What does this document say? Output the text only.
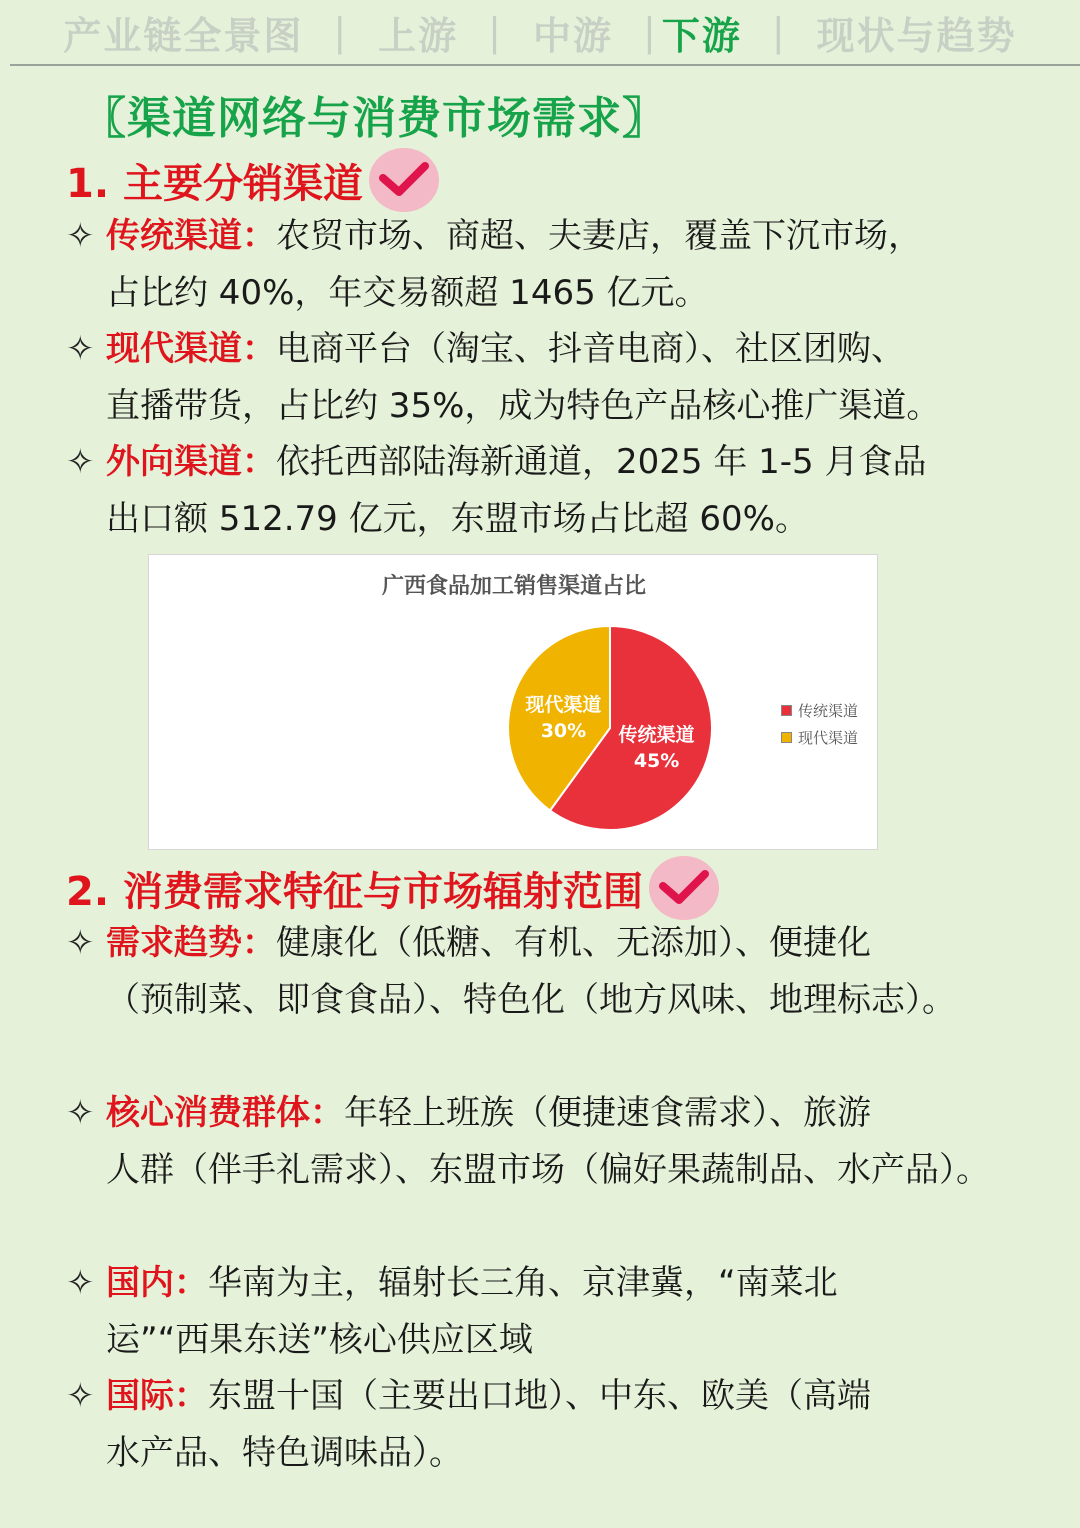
产业链全景图 | 上游 | 中游 | 下游 | 现状与趋势
〖渠道网络与消费市场需求〗
1. 主要分销渠道
✧ 传统渠道：农贸市场、商超、夫妻店，覆盖下沉市场，
占比约 40%，年交易额超 1465 亿元。
✧ 现代渠道：电商平台（淘宝、抖音电商）、社区团购、
直播带货，占比约 35%，成为特色产品核心推广渠道。
✧ 外向渠道：依托西部陆海新通道，2025 年 1-5 月食品
出口额 512.79 亿元，东盟市场占比超 60%。
广西食品加工销售渠道占比
传统渠道
45%
现代渠道
30%
传统渠道
现代渠道
2. 消费需求特征与市场辐射范围
✧ 需求趋势：健康化（低糖、有机、无添加）、便捷化
（预制菜、即食食品）、特色化（地方风味、地理标志）。
✧ 核心消费群体：年轻上班族（便捷速食需求）、旅游
人群（伴手礼需求）、东盟市场（偏好果蔬制品、水产品）。
✧ 国内：华南为主，辐射长三角、京津冀，“南菜北
运”“西果东送”核心供应区域
✧ 国际：东盟十国（主要出口地）、中东、欧美（高端
水产品、特色调味品）。
